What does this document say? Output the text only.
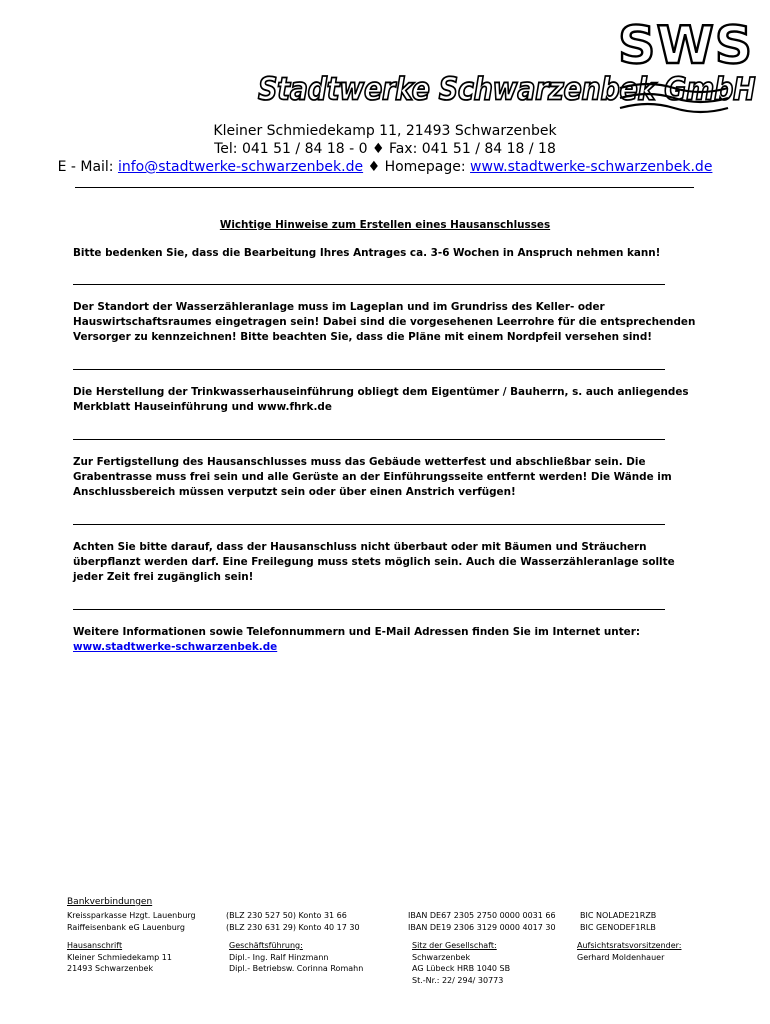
Stadtwerke Schwarzenbek GmbH
SWS
Kleiner Schmiedekamp 11, 21493 Schwarzenbek
Tel: 041 51 / 84 18 - 0 ♦ Fax: 041 51 / 84 18 / 18
E - Mail: info@stadtwerke-schwarzenbek.de ♦ Homepage: www.stadtwerke-schwarzenbek.de
Wichtige Hinweise zum Erstellen eines Hausanschlusses
Bitte bedenken Sie, dass die Bearbeitung Ihres Antrages ca. 3-6 Wochen in Anspruch nehmen kann!
Der Standort der Wasserzähleranlage muss im Lageplan und im Grundriss des Keller- oder Hauswirtschaftsraumes eingetragen sein! Dabei sind die vorgesehenen Leerrohre für die entsprechenden Versorger zu kennzeichnen! Bitte beachten Sie, dass die Pläne mit einem Nordpfeil versehen sind!
Die Herstellung der Trinkwasserhauseinführung obliegt dem Eigentümer / Bauherrn, s. auch anliegendes Merkblatt Hauseinführung und www.fhrk.de
Zur Fertigstellung des Hausanschlusses muss das Gebäude wetterfest und abschließbar sein. Die Grabentrasse muss frei sein und alle Gerüste an der Einführungsseite entfernt werden! Die Wände im Anschlussbereich müssen verputzt sein oder über einen Anstrich verfügen!
Achten Sie bitte darauf, dass der Hausanschluss nicht überbaut oder mit Bäumen und Sträuchern überpflanzt werden darf. Eine Freilegung muss stets möglich sein. Auch die Wasserzähleranlage sollte jeder Zeit frei zugänglich sein!
Weitere Informationen sowie Telefonnummern und E-Mail Adressen finden Sie im Internet unter:
www.stadtwerke-schwarzenbek.de
Bankverbindungen
Kreissparkasse Hzgt. Lauenburg
Raiffeisenbank eG Lauenburg
(BLZ 230 527 50) Konto 31 66
(BLZ 230 631 29) Konto 40 17 30
IBAN DE67 2305 2750 0000 0031 66
IBAN DE19 2306 3129 0000 4017 30
BIC NOLADE21RZB
BIC GENODEF1RLB
Hausanschrift
Kleiner Schmiedekamp 11
21493 Schwarzenbek
Geschäftsführung:
Dipl.- Ing. Ralf Hinzmann
Dipl.- Betriebsw. Corinna Romahn
Sitz der Gesellschaft:
Schwarzenbek
AG Lübeck HRB 1040 SB
St.-Nr.: 22/ 294/ 30773
Aufsichtsratsvorsitzender:
Gerhard Moldenhauer
